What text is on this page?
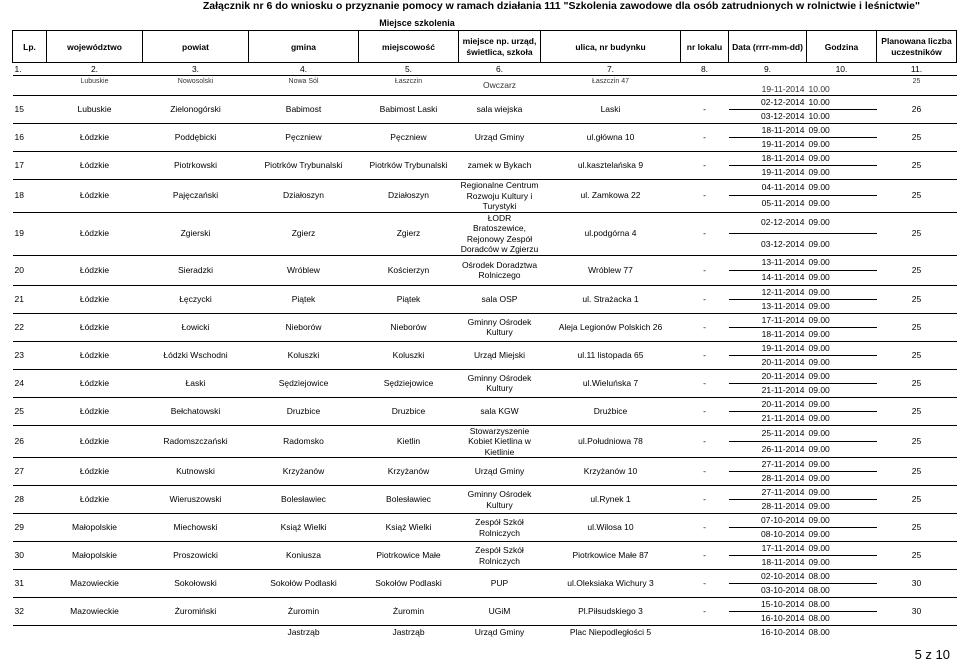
Załącznik nr 6 do wniosku o przyznanie pomocy w ramach działania 111 "Szkolenia zawodowe dla osób zatrudnionych w rolnictwie i leśnictwie"
Miejsce szkolenia
Lp.	województwo	powiat	gmina	miejscowość	miejsce np. urząd, świetlica, szkoła	ulica, nr budynku	nr lokalu	Data (rrrr-mm-dd)	Godzina	Planowana liczba uczestników
1.	2.	3.	4.	5.	6.	7.	8.	9.	10.	11.
	Lubuskie	Nowosolski	Nowa Sól	Łaszczin	Owczarz	Łaszczin 47		19-11-2014	10.00	25
15	Lubuskie	Zielonogórski	Babimost	Babimost Laski	sala wiejska	Laski	-	02-12-2014	10.00	26
								03-12-2014	10.00	
16	Łódzkie	Poddębicki	Pęczniew	Pęczniew	Urząd Gminy	ul.główna 10	-	18-11-2014	09.00	25
								19-11-2014	09.00	
17	Łódzkie	Piotrkowski	Piotrków Trybunalski	Piotrków Trybunalski	zamek w Bykach	ul.kasztelańska 9	-	18-11-2014	09.00	25
								19-11-2014	09.00	
18	Łódzkie	Pajęczański	Działoszyn	Działoszyn	Regionalne Centrum Rozwoju Kultury i Turystyki	ul. Zamkowa 22	-	04-11-2014	09.00	25
								05-11-2014	09.00	
19	Łódzkie	Zgierski	Zgierz	Zgierz	ŁODR Bratoszewice, Rejonowy Zespół Doradców w Zgierzu	ul.podgórna 4	-	02-12-2014	09.00	25
								03-12-2014	09.00	
20	Łódzkie	Sieradzki	Wróblew	Kościerzyn	Ośrodek Doradztwa Rolniczego	Wróblew 77	-	13-11-2014	09.00	25
								14-11-2014	09.00	
21	Łódzkie	Łęczycki	Piątek	Piątek	sala OSP	ul. Strażacka 1	-	12-11-2014	09.00	25
								13-11-2014	09.00	
22	Łódzkie	Łowicki	Nieborów	Nieborów	Gminny Ośrodek Kultury	Aleja Legionów Polskich 26	-	17-11-2014	09.00	25
								18-11-2014	09.00	
23	Łódzkie	Łódzki Wschodni	Koluszki	Koluszki	Urząd Miejski	ul.11 listopada 65	-	19-11-2014	09.00	25
								20-11-2014	09.00	
24	Łódzkie	Łaski	Sędziejowice	Sędziejowice	Gminny Ośrodek Kultury	ul.Wieluńska 7	-	20-11-2014	09.00	25
								21-11-2014	09.00	
25	Łódzkie	Bełchatowski	Druzbice	Druzbice	sala KGW	Drużbice	-	20-11-2014	09.00	25
								21-11-2014	09.00	
26	Łódzkie	Radomszczański	Radomsko	Kietlin	Stowarzyszenie Kobiet Kietlina w Kietlinie	ul.Południowa 78	-	25-11-2014	09.00	25
								26-11-2014	09.00	
27	Łódzkie	Kutnowski	Krzyżanów	Krzyżanów	Urząd Gminy	Krzyżanów 10	-	27-11-2014	09.00	25
								28-11-2014	09.00	
28	Łódzkie	Wieruszowski	Bolesławiec	Bolesławiec	Gminny Ośrodek Kultury	ul.Rynek 1	-	27-11-2014	09.00	25
								28-11-2014	09.00	
29	Małopolskie	Miechowski	Książ Wielki	Książ Wielki	Zespół Szkół Rolniczych	ul.Wilosa 10	-	07-10-2014	09.00	25
								08-10-2014	09.00	
30	Małopolskie	Proszowicki	Koniusza	Piotrkowice Małe	Zespół Szkół Rolniczych	Piotrkowice Małe 87	-	17-11-2014	09.00	25
								18-11-2014	09.00	
31	Mazowieckie	Sokołowski	Sokołów Podlaski	Sokołów Podlaski	PUP	ul.Oleksiaka Wichury 3	-	02-10-2014	08.00	30
								03-10-2014	08.00	
32	Mazowieckie	Żuromiński	Żuromin	Żuromin	UGiM	Pl.Piłsudskiego 3	-	15-10-2014	08.00	30
								16-10-2014	08.00	
			Jastrząb	Jastrząb	Urząd Gminy	Plac Niepodległości 5		16-10-2014	08.00	
5 z 10
